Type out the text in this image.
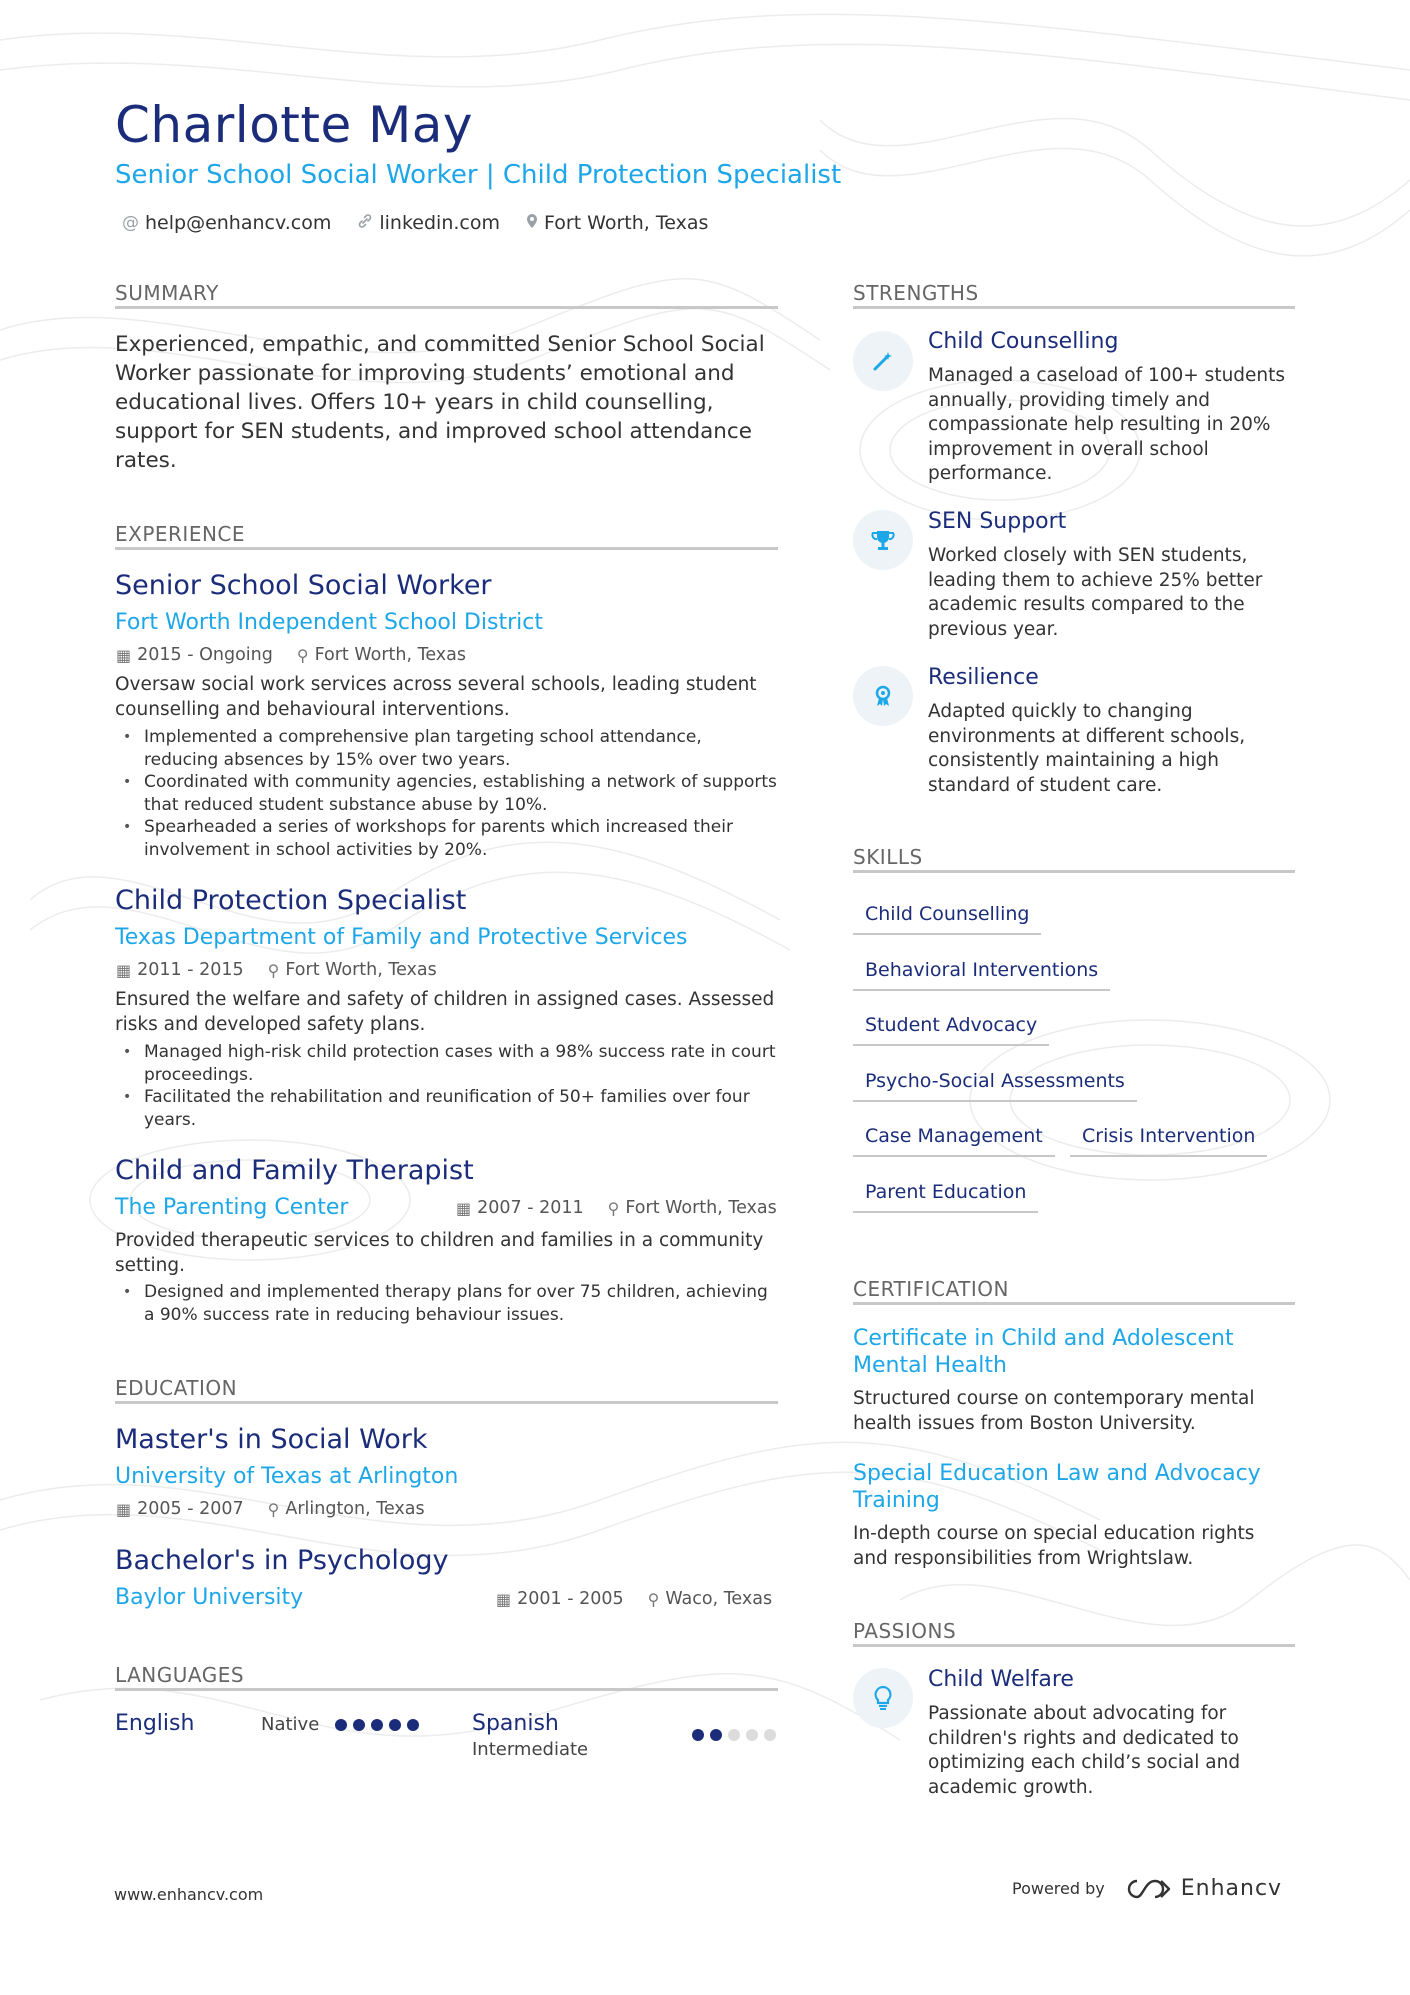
Charlotte May
Senior School Social Worker | Child Protection Specialist
@ help@enhancv.com	linkedin.com Fort Worth, Texas
SUMMARY
Experienced, empathic, and committed Senior School Social Worker passionate for improving students’ emotional and educational lives. Offers 10+ years in child counselling, support for SEN students, and improved school attendance rates.
EXPERIENCE
Senior School Social Worker
Fort Worth Independent School District
▦ 2015 - Ongoing ⚲ Fort Worth, Texas
Oversaw social work services across several schools, leading student counselling and behavioural interventions.
• Implemented a comprehensive plan targeting school attendance, reducing absences by 15% over two years.
• Coordinated with community agencies, establishing a network of supports that reduced student substance abuse by 10%.
• Spearheaded a series of workshops for parents which increased their involvement in school activities by 20%.
Child Protection Specialist
Texas Department of Family and Protective Services
▦ 2011 - 2015 ⚲ Fort Worth, Texas
Ensured the welfare and safety of children in assigned cases. Assessed risks and developed safety plans.
• Managed high-risk child protection cases with a 98% success rate in court proceedings.
• Facilitated the rehabilitation and reunification of 50+ families over four years.
Child and Family Therapist
The Parenting Center	▦ 2007 - 2011 ⚲ Fort Worth, Texas
Provided therapeutic services to children and families in a community setting.
• Designed and implemented therapy plans for over 75 children, achieving a 90% success rate in reducing behaviour issues.
EDUCATION
Master's in Social Work
University of Texas at Arlington
▦ 2005 - 2007 ⚲ Arlington, Texas
Bachelor's in Psychology
Baylor University	▦ 2001 - 2005 ⚲ Waco, Texas
LANGUAGES
English	Native	Spanish
Intermediate
STRENGTHS
Child Counselling
Managed a caseload of 100+ students annually, providing timely and compassionate help resulting in 20% improvement in overall school performance.
SEN Support
Worked closely with SEN students, leading them to achieve 25% better academic results compared to the previous year.
Resilience
Adapted quickly to changing environments at different schools, consistently maintaining a high standard of student care.
SKILLS
Child Counselling
Behavioral Interventions
Student Advocacy
Psycho-Social Assessments
Case Management	Crisis Intervention
Parent Education
CERTIFICATION
Certificate in Child and Adolescent Mental Health
Structured course on contemporary mental health issues from Boston University.
Special Education Law and Advocacy Training
In-depth course on special education rights and responsibilities from Wrightslaw.
PASSIONS
Child Welfare
Passionate about advocating for children's rights and dedicated to optimizing each child’s social and academic growth.
www.enhancv.com	Powered by	Enhancv
